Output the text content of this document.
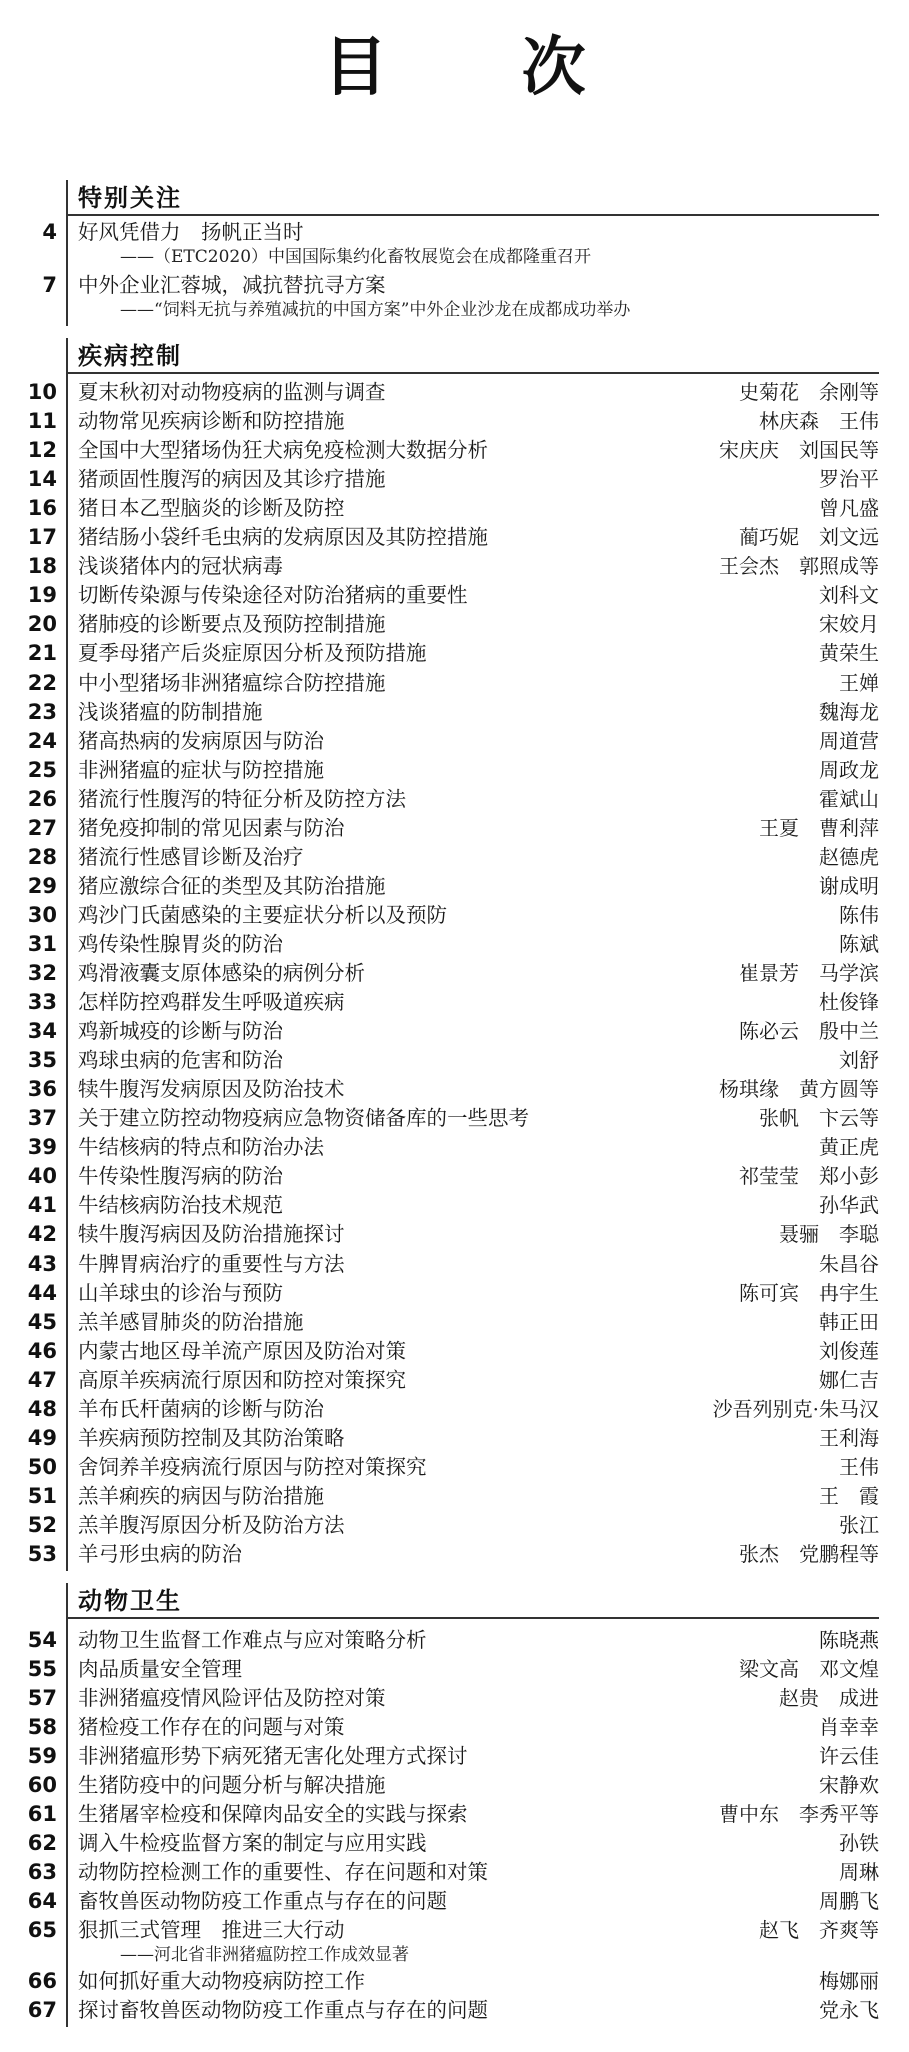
目 次
特别关注
4 好风凭借力　扬帆正当时
——（ETC2020）中国国际集约化畜牧展览会在成都隆重召开
7 中外企业汇蓉城，减抗替抗寻方案
——“饲料无抗与养殖减抗的中国方案”中外企业沙龙在成都成功举办
疾病控制
10 夏末秋初对动物疫病的监测与调查	史菊花　余刚等
11 动物常见疾病诊断和防控措施	林庆森　王伟
12 全国中大型猪场伪狂犬病免疫检测大数据分析	宋庆庆　刘国民等
14 猪顽固性腹泻的病因及其诊疗措施	罗治平
16 猪日本乙型脑炎的诊断及防控	曾凡盛
17 猪结肠小袋纤毛虫病的发病原因及其防控措施	蔺巧妮　刘文远
18 浅谈猪体内的冠状病毒	王会杰　郭照成等
19 切断传染源与传染途径对防治猪病的重要性	刘科文
20 猪肺疫的诊断要点及预防控制措施	宋姣月
21 夏季母猪产后炎症原因分析及预防措施	黄荣生
22 中小型猪场非洲猪瘟综合防控措施	王婵
23 浅谈猪瘟的防制措施	魏海龙
24 猪高热病的发病原因与防治	周道营
25 非洲猪瘟的症状与防控措施	周政龙
26 猪流行性腹泻的特征分析及防控方法	霍斌山
27 猪免疫抑制的常见因素与防治	王夏　曹利萍
28 猪流行性感冒诊断及治疗	赵德虎
29 猪应激综合征的类型及其防治措施	谢成明
30 鸡沙门氏菌感染的主要症状分析以及预防	陈伟
31 鸡传染性腺胃炎的防治	陈斌
32 鸡滑液囊支原体感染的病例分析	崔景芳　马学滨
33 怎样防控鸡群发生呼吸道疾病	杜俊锋
34 鸡新城疫的诊断与防治	陈必云　殷中兰
35 鸡球虫病的危害和防治	刘舒
36 犊牛腹泻发病原因及防治技术	杨琪缘　黄方圆等
37 关于建立防控动物疫病应急物资储备库的一些思考	张帆　卞云等
39 牛结核病的特点和防治办法	黄正虎
40 牛传染性腹泻病的防治	祁莹莹　郑小彭
41 牛结核病防治技术规范	孙华武
42 犊牛腹泻病因及防治措施探讨	聂骊　李聪
43 牛脾胃病治疗的重要性与方法	朱昌谷
44 山羊球虫的诊治与预防	陈可宾　冉宇生
45 羔羊感冒肺炎的防治措施	韩正田
46 内蒙古地区母羊流产原因及防治对策	刘俊莲
47 高原羊疾病流行原因和防控对策探究	娜仁吉
48 羊布氏杆菌病的诊断与防治	沙吾列别克·朱马汉
49 羊疾病预防控制及其防治策略	王利海
50 舍饲养羊疫病流行原因与防控对策探究	王伟
51 羔羊痢疾的病因与防治措施	王　霞
52 羔羊腹泻原因分析及防治方法	张江
53 羊弓形虫病的防治	张杰　党鹏程等
动物卫生
54 动物卫生监督工作难点与应对策略分析	陈晓燕
55 肉品质量安全管理	梁文高　邓文煌
57 非洲猪瘟疫情风险评估及防控对策	赵贵　成进
58 猪检疫工作存在的问题与对策	肖幸幸
59 非洲猪瘟形势下病死猪无害化处理方式探讨	许云佳
60 生猪防疫中的问题分析与解决措施	宋静欢
61 生猪屠宰检疫和保障肉品安全的实践与探索	曹中东　李秀平等
62 调入牛检疫监督方案的制定与应用实践	孙铁
63 动物防控检测工作的重要性、存在问题和对策	周琳
64 畜牧兽医动物防疫工作重点与存在的问题	周鹏飞
65 狠抓三式管理　推进三大行动	赵飞　齐爽等
——河北省非洲猪瘟防控工作成效显著
66 如何抓好重大动物疫病防控工作	梅娜丽
67 探讨畜牧兽医动物防疫工作重点与存在的问题	党永飞
